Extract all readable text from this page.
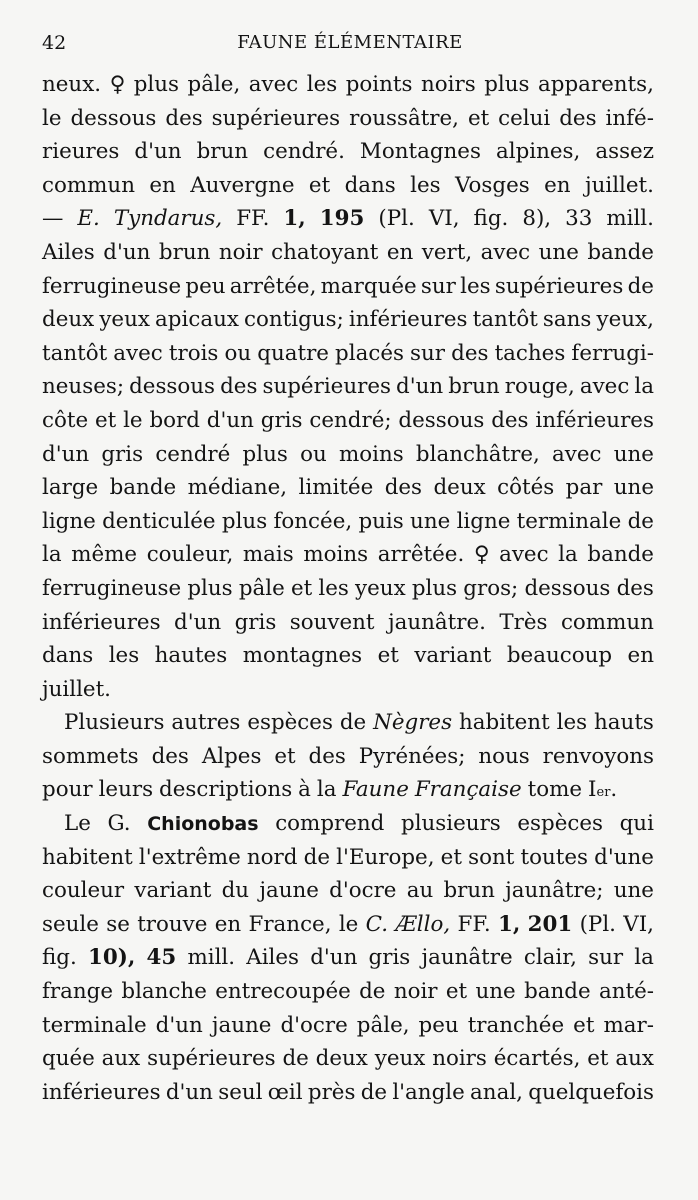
42	FAUNE ÉLÉMENTAIRE
neux. ♀ plus pâle, avec les points noirs plus apparents,
le dessous des supérieures roussâtre, et celui des infé-
rieures d'un brun cendré. Montagnes alpines, assez
commun en Auvergne et dans les Vosges en juillet.
— E. Tyndarus, FF. 1, 195 (Pl. VI, fig. 8), 33 mill.
Ailes d'un brun noir chatoyant en vert, avec une bande
ferrugineuse peu arrêtée, marquée sur les supérieures de
deux yeux apicaux contigus; inférieures tantôt sans yeux,
tantôt avec trois ou quatre placés sur des taches ferrugi-
neuses; dessous des supérieures d'un brun rouge, avec la
côte et le bord d'un gris cendré; dessous des inférieures
d'un gris cendré plus ou moins blanchâtre, avec une
large bande médiane, limitée des deux côtés par une
ligne denticulée plus foncée, puis une ligne terminale de
la même couleur, mais moins arrêtée. ♀ avec la bande
ferrugineuse plus pâle et les yeux plus gros; dessous des
inférieures d'un gris souvent jaunâtre. Très commun
dans les hautes montagnes et variant beaucoup en
juillet.
Plusieurs autres espèces de Nègres habitent les hauts
sommets des Alpes et des Pyrénées; nous renvoyons
pour leurs descriptions à la Faune Française tome I er .
Le G. Chionobas comprend plusieurs espèces qui
habitent l'extrême nord de l'Europe, et sont toutes d'une
couleur variant du jaune d'ocre au brun jaunâtre; une
seule se trouve en France, le C. Ællo, FF. 1, 201 (Pl. VI,
fig. 10), 45 mill. Ailes d'un gris jaunâtre clair, sur la
frange blanche entrecoupée de noir et une bande anté-
terminale d'un jaune d'ocre pâle, peu tranchée et mar-
quée aux supérieures de deux yeux noirs écartés, et aux
inférieures d'un seul œil près de l'angle anal, quelquefois
